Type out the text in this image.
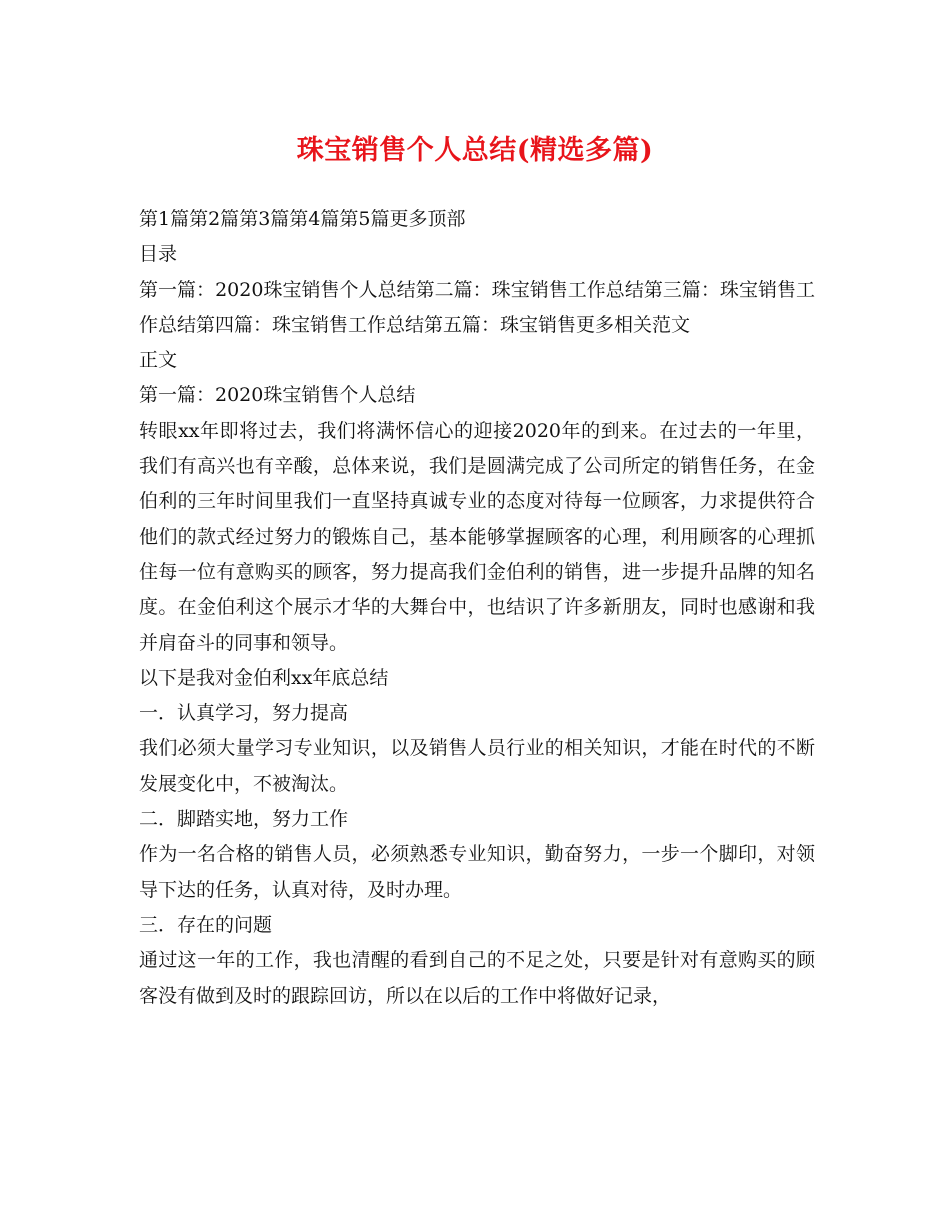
珠宝销售个人总结(精选多篇)

第1篇第2篇第3篇第4篇第5篇更多顶部

目录

第一篇：2020珠宝销售个人总结第二篇：珠宝销售工作总结第三篇：珠宝销售工作总结第四篇：珠宝销售工作总结第五篇：珠宝销售更多相关范文

正文

第一篇：2020珠宝销售个人总结

转眼xx年即将过去，我们将满怀信心的迎接2020年的到来。在过去的一年里，我们有高兴也有辛酸，总体来说，我们是圆满完成了公司所定的销售任务，在金伯利的三年时间里我们一直坚持真诚专业的态度对待每一位顾客，力求提供符合他们的款式经过努力的锻炼自己，基本能够掌握顾客的心理，利用顾客的心理抓住每一位有意购买的顾客，努力提高我们金伯利的销售，进一步提升品牌的知名度。在金伯利这个展示才华的大舞台中，也结识了许多新朋友，同时也感谢和我并肩奋斗的同事和领导。

以下是我对金伯利xx年底总结

一．认真学习，努力提高

我们必须大量学习专业知识，以及销售人员行业的相关知识，才能在时代的不断发展变化中，不被淘汰。

二．脚踏实地，努力工作

作为一名合格的销售人员，必须熟悉专业知识，勤奋努力，一步一个脚印，对领导下达的任务，认真对待，及时办理。

三．存在的问题

通过这一年的工作，我也清醒的看到自己的不足之处，只要是针对有意购买的顾客没有做到及时的跟踪回访，所以在以后的工作中将做好记录，
